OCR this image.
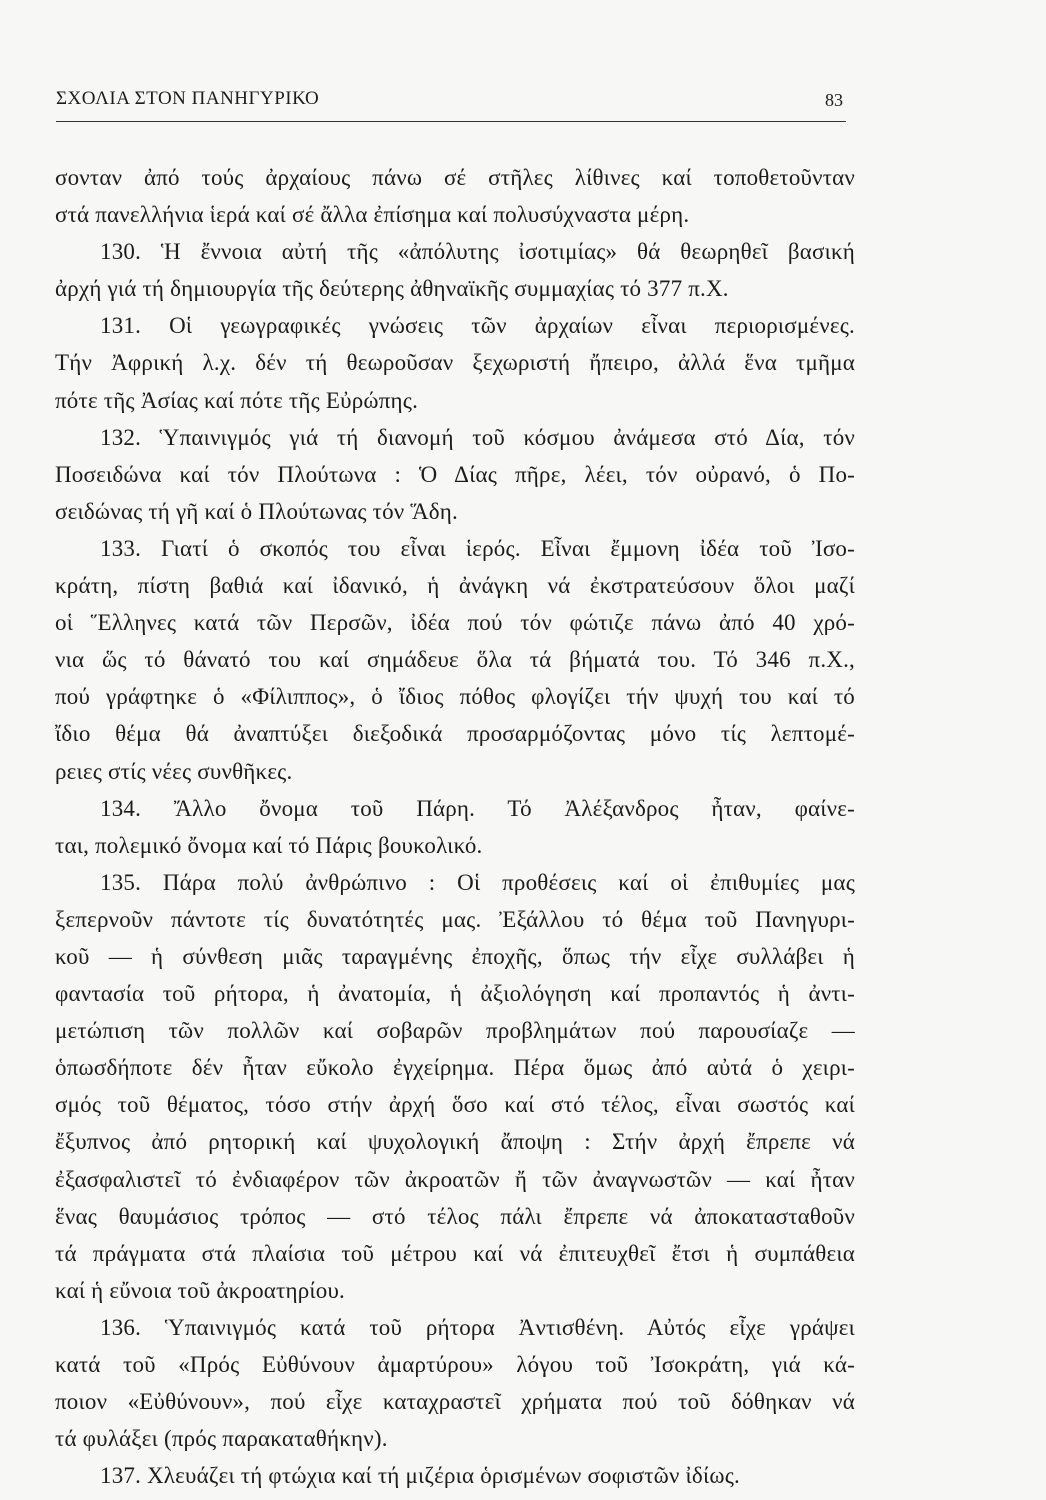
ΣΧΟΛΙΑ ΣΤΟΝ ΠΑΝΗΓΥΡΙΚΟ	83
σονταν ἀπό τούς ἀρχαίους πάνω σέ στῆλες λίθινες καί τοποθετοῦνταν
στά πανελλήνια ἱερά καί σέ ἄλλα ἐπίσημα καί πολυσύχναστα μέρη.
130. Ἡ ἔννοια αὐτή τῆς «ἀπόλυτης ἰσοτιμίας» θά θεωρηθεῖ βασική
ἀρχή γιά τή δημιουργία τῆς δεύτερης ἀθηναϊκῆς συμμαχίας τό 377 π.Χ.
131. Οἱ γεωγραφικές γνώσεις τῶν ἀρχαίων εἶναι περιορισμένες.
Τήν Ἀφρική λ.χ. δέν τή θεωροῦσαν ξεχωριστή ἤπειρο, ἀλλά ἕνα τμῆμα
πότε τῆς Ἀσίας καί πότε τῆς Εὐρώπης.
132. Ὑπαινιγμός γιά τή διανομή τοῦ κόσμου ἀνάμεσα στό Δία, τόν
Ποσειδώνα καί τόν Πλούτωνα : Ὁ Δίας πῆρε, λέει, τόν οὐρανό, ὁ Πο-
σειδώνας τή γῆ καί ὁ Πλούτωνας τόν Ἅδη.
133. Γιατί ὁ σκοπός του εἶναι ἱερός. Εἶναι ἔμμονη ἰδέα τοῦ Ἰσο-
κράτη, πίστη βαθιά καί ἰδανικό, ἡ ἀνάγκη νά ἐκστρατεύσουν ὅλοι μαζί
οἱ Ἕλληνες κατά τῶν Περσῶν, ἰδέα πού τόν φώτιζε πάνω ἀπό 40 χρό-
νια ὥς τό θάνατό του καί σημάδευε ὅλα τά βήματά του. Τό 346 π.Χ.,
πού γράφτηκε ὁ «Φίλιππος», ὁ ἴδιος πόθος φλογίζει τήν ψυχή του καί τό
ἴδιο θέμα θά ἀναπτύξει διεξοδικά προσαρμόζοντας μόνο τίς λεπτομέ-
ρειες στίς νέες συνθῆκες.
134. Ἄλλο ὄνομα τοῦ Πάρη. Τό Ἀλέξανδρος ἦταν, φαίνε-
ται, πολεμικό ὄνομα καί τό Πάρις βουκολικό.
135. Πάρα πολύ ἀνθρώπινο : Οἱ προθέσεις καί οἱ ἐπιθυμίες μας
ξεπερνοῦν πάντοτε τίς δυνατότητές μας. Ἐξάλλου τό θέμα τοῦ Πανηγυρι-
κοῦ — ἡ σύνθεση μιᾶς ταραγμένης ἐποχῆς, ὅπως τήν εἶχε συλλάβει ἡ
φαντασία τοῦ ρήτορα, ἡ ἀνατομία, ἡ ἀξιολόγηση καί προπαντός ἡ ἀντι-
μετώπιση τῶν πολλῶν καί σοβαρῶν προβλημάτων πού παρουσίαζε —
ὁπωσδήποτε δέν ἦταν εὔκολο ἐγχείρημα. Πέρα ὅμως ἀπό αὐτά ὁ χειρι-
σμός τοῦ θέματος, τόσο στήν ἀρχή ὅσο καί στό τέλος, εἶναι σωστός καί
ἔξυπνος ἀπό ρητορική καί ψυχολογική ἄποψη : Στήν ἀρχή ἔπρεπε νά
ἐξασφαλιστεῖ τό ἐνδιαφέρον τῶν ἀκροατῶν ἤ τῶν ἀναγνωστῶν — καί ἦταν
ἕνας θαυμάσιος τρόπος — στό τέλος πάλι ἔπρεπε νά ἀποκατασταθοῦν
τά πράγματα στά πλαίσια τοῦ μέτρου καί νά ἐπιτευχθεῖ ἔτσι ἡ συμπάθεια
καί ἡ εὔνοια τοῦ ἀκροατηρίου.
136. Ὑπαινιγμός κατά τοῦ ρήτορα Ἀντισθένη. Αὐτός εἶχε γράψει
κατά τοῦ «Πρός Εὐθύνουν ἀμαρτύρου» λόγου τοῦ Ἰσοκράτη, γιά κά-
ποιον «Εὐθύνουν», πού εἶχε καταχραστεῖ χρήματα πού τοῦ δόθηκαν νά
τά φυλάξει (πρός παρακαταθήκην).
137. Χλευάζει τή φτώχια καί τή μιζέρια ὁρισμένων σοφιστῶν ἰδίως.
